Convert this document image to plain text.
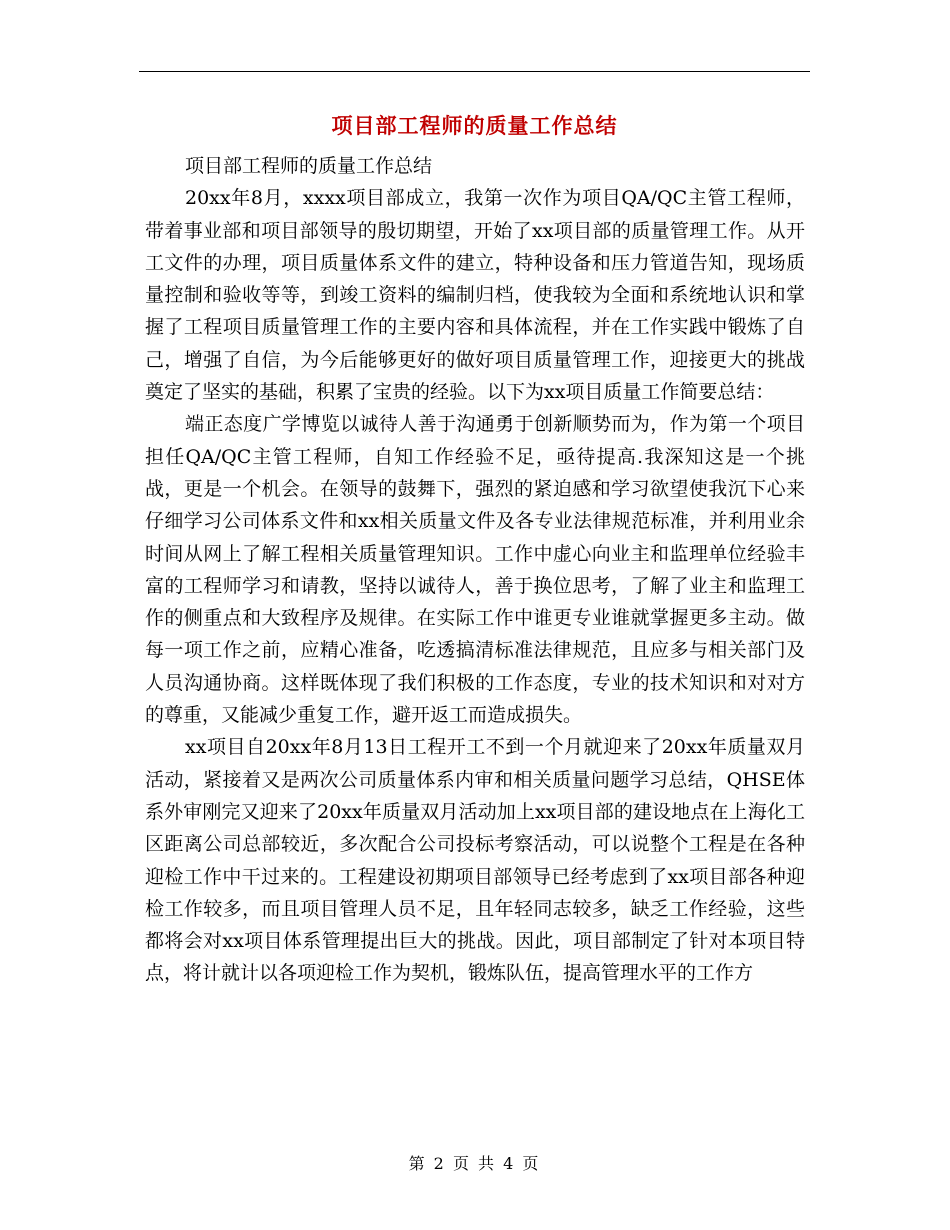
项目部工程师的质量工作总结

项目部工程师的质量工作总结

20xx年8月，xxxx项目部成立，我第一次作为项目QA/QC主管工程师，带着事业部和项目部领导的殷切期望，开始了xx项目部的质量管理工作。从开工文件的办理，项目质量体系文件的建立，特种设备和压力管道告知，现场质量控制和验收等等，到竣工资料的编制归档，使我较为全面和系统地认识和掌握了工程项目质量管理工作的主要内容和具体流程，并在工作实践中锻炼了自己，增强了自信，为今后能够更好的做好项目质量管理工作，迎接更大的挑战奠定了坚实的基础，积累了宝贵的经验。以下为xx项目质量工作简要总结：

端正态度广学博览以诚待人善于沟通勇于创新顺势而为，作为第一个项目担任QA/QC主管工程师，自知工作经验不足，亟待提高.我深知这是一个挑战，更是一个机会。在领导的鼓舞下，强烈的紧迫感和学习欲望使我沉下心来仔细学习公司体系文件和xx相关质量文件及各专业法律规范标准，并利用业余时间从网上了解工程相关质量管理知识。工作中虚心向业主和监理单位经验丰富的工程师学习和请教，坚持以诚待人，善于换位思考，了解了业主和监理工作的侧重点和大致程序及规律。在实际工作中谁更专业谁就掌握更多主动。做每一项工作之前，应精心准备，吃透搞清标准法律规范，且应多与相关部门及人员沟通协商。这样既体现了我们积极的工作态度，专业的技术知识和对对方的尊重，又能减少重复工作，避开返工而造成损失。

xx项目自20xx年8月13日工程开工不到一个月就迎来了20xx年质量双月活动，紧接着又是两次公司质量体系内审和相关质量问题学习总结，QHSE体系外审刚完又迎来了20xx年质量双月活动加上xx项目部的建设地点在上海化工区距离公司总部较近，多次配合公司投标考察活动，可以说整个工程是在各种迎检工作中干过来的。工程建设初期项目部领导已经考虑到了xx项目部各种迎检工作较多，而且项目管理人员不足，且年轻同志较多，缺乏工作经验，这些都将会对xx项目体系管理提出巨大的挑战。因此，项目部制定了针对本项目特点，将计就计以各项迎检工作为契机，锻炼队伍，提高管理水平的工作方

第 2 页 共 4 页
